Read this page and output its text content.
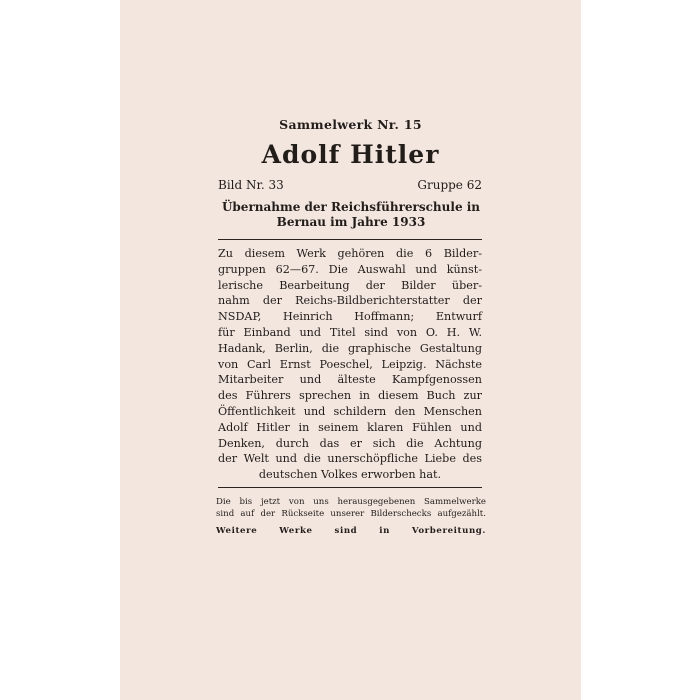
Sammelwerk Nr. 15
Adolf Hitler
Bild Nr. 33	Gruppe 62
Übernahme der Reichsführerschule in
Bernau im Jahre 1933
Zu diesem Werk gehören die 6 Bilder-
gruppen 62—67. Die Auswahl und künst-
lerische Bearbeitung der Bilder über-
nahm der Reichs-Bildberichterstatter der
NSDAP, Heinrich Hoffmann; Entwurf
für Einband und Titel sind von O. H. W.
Hadank, Berlin, die graphische Gestaltung
von Carl Ernst Poeschel, Leipzig. Nächste
Mitarbeiter und älteste Kampfgenossen
des Führers sprechen in diesem Buch zur
Öffentlichkeit und schildern den Menschen
Adolf Hitler in seinem klaren Fühlen und
Denken, durch das er sich die Achtung
der Welt und die unerschöpfliche Liebe des
deutschen Volkes erworben hat.
Die bis jetzt von uns herausgegebenen Sammelwerke
sind auf der Rückseite unserer Bilderschecks aufgezählt.
Weitere Werke sind in Vorbereitung.
